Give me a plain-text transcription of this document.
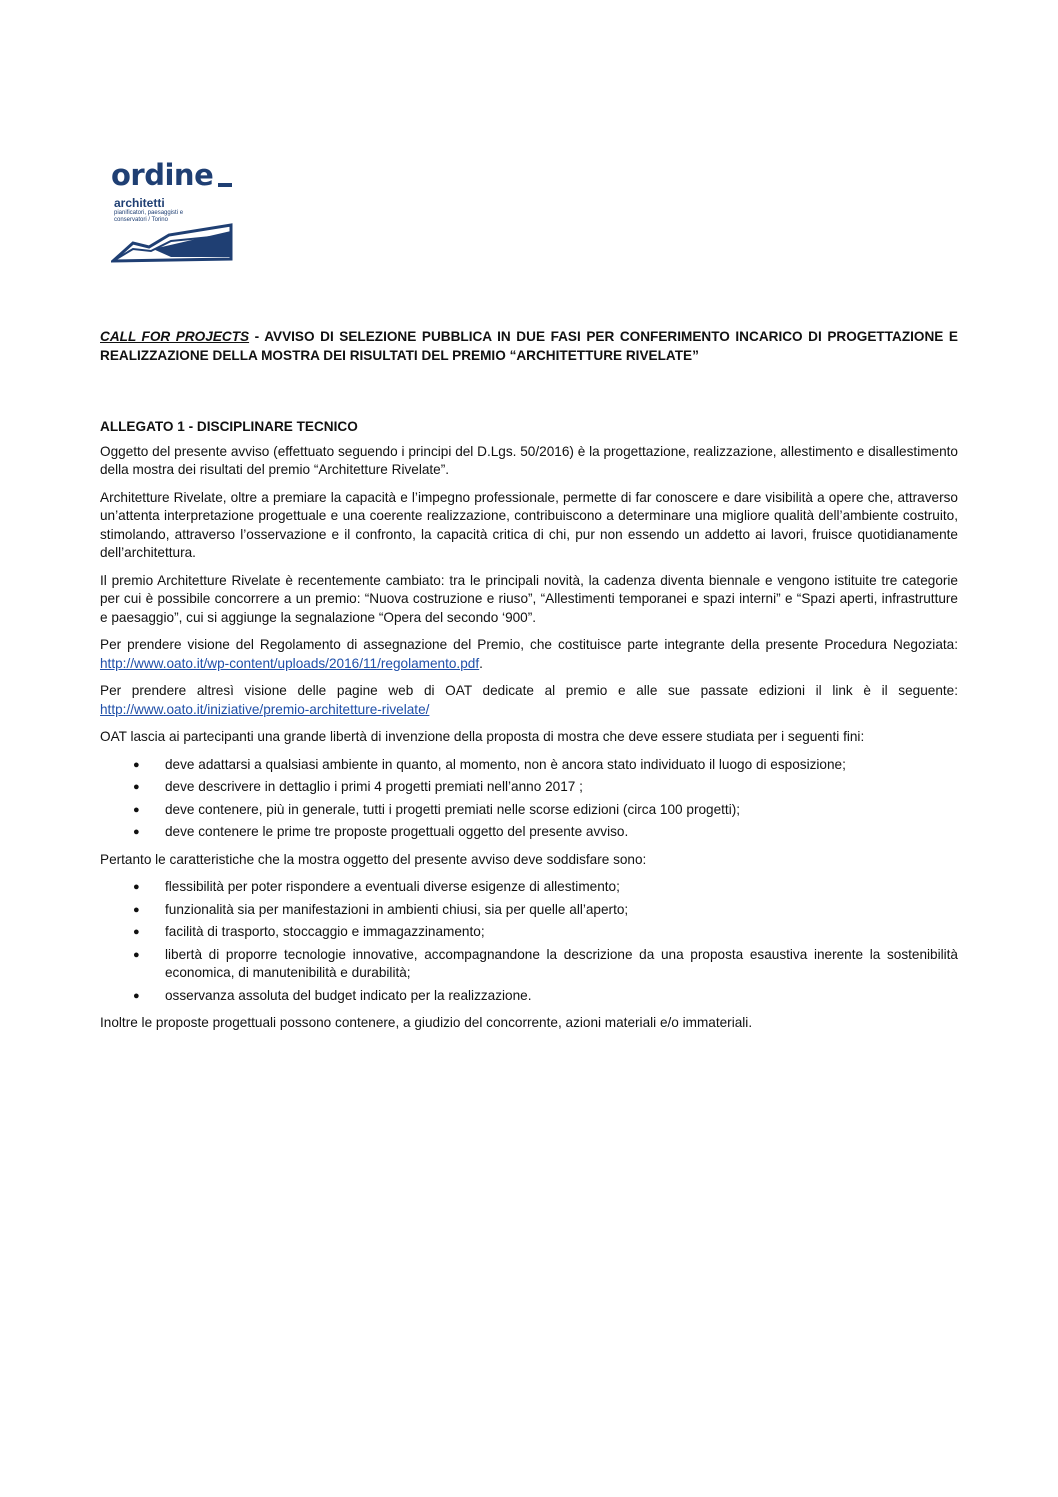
ordine
architetti
pianificatori, paesaggisti e conservatori / Torino

CALL FOR PROJECTS - AVVISO DI SELEZIONE PUBBLICA IN DUE FASI PER CONFERIMENTO INCARICO DI PROGETTAZIONE E REALIZZAZIONE DELLA MOSTRA DEI RISULTATI DEL PREMIO “ARCHITETTURE RIVELATE”

ALLEGATO 1 - DISCIPLINARE TECNICO

Oggetto del presente avviso (effettuato seguendo i principi del D.Lgs. 50/2016) è la progettazione, realizzazione, allestimento e disallestimento della mostra dei risultati del premio “Architetture Rivelate”.

Architetture Rivelate, oltre a premiare la capacità e l’impegno professionale, permette di far conoscere e dare visibilità a opere che, attraverso un’attenta interpretazione progettuale e una coerente realizzazione, contribuiscono a determinare una migliore qualità dell’ambiente costruito, stimolando, attraverso l’osservazione e il confronto, la capacità critica di chi, pur non essendo un addetto ai lavori, fruisce quotidianamente dell’architettura.

Il premio Architetture Rivelate è recentemente cambiato: tra le principali novità, la cadenza diventa biennale e vengono istituite tre categorie per cui è possibile concorrere a un premio: “Nuova costruzione e riuso”, “Allestimenti temporanei e spazi interni” e “Spazi aperti, infrastrutture e paesaggio”, cui si aggiunge la segnalazione “Opera del secondo ‘900”.

Per prendere visione del Regolamento di assegnazione del Premio, che costituisce parte integrante della presente Procedura Negoziata: http://www.oato.it/wp-content/uploads/2016/11/regolamento.pdf.

Per prendere altresì visione delle pagine web di OAT dedicate al premio e alle sue passate edizioni il link è il seguente: http://www.oato.it/iniziative/premio-architetture-rivelate/

OAT lascia ai partecipanti una grande libertà di invenzione della proposta di mostra che deve essere studiata per i seguenti fini:

● deve adattarsi a qualsiasi ambiente in quanto, al momento, non è ancora stato individuato il luogo di esposizione;
● deve descrivere in dettaglio i primi 4 progetti premiati nell’anno 2017 ;
● deve contenere, più in generale, tutti i progetti premiati nelle scorse edizioni (circa 100 progetti);
● deve contenere le prime tre proposte progettuali oggetto del presente avviso.

Pertanto le caratteristiche che la mostra oggetto del presente avviso deve soddisfare sono:

● flessibilità per poter rispondere a eventuali diverse esigenze di allestimento;
● funzionalità sia per manifestazioni in ambienti chiusi, sia per quelle all’aperto;
● facilità di trasporto, stoccaggio e immagazzinamento;
● libertà di proporre tecnologie innovative, accompagnandone la descrizione da una proposta esaustiva inerente la sostenibilità economica, di manutenibilità e durabilità;
● osservanza assoluta del budget indicato per la realizzazione.

Inoltre le proposte progettuali possono contenere, a giudizio del concorrente, azioni materiali e/o immateriali.
